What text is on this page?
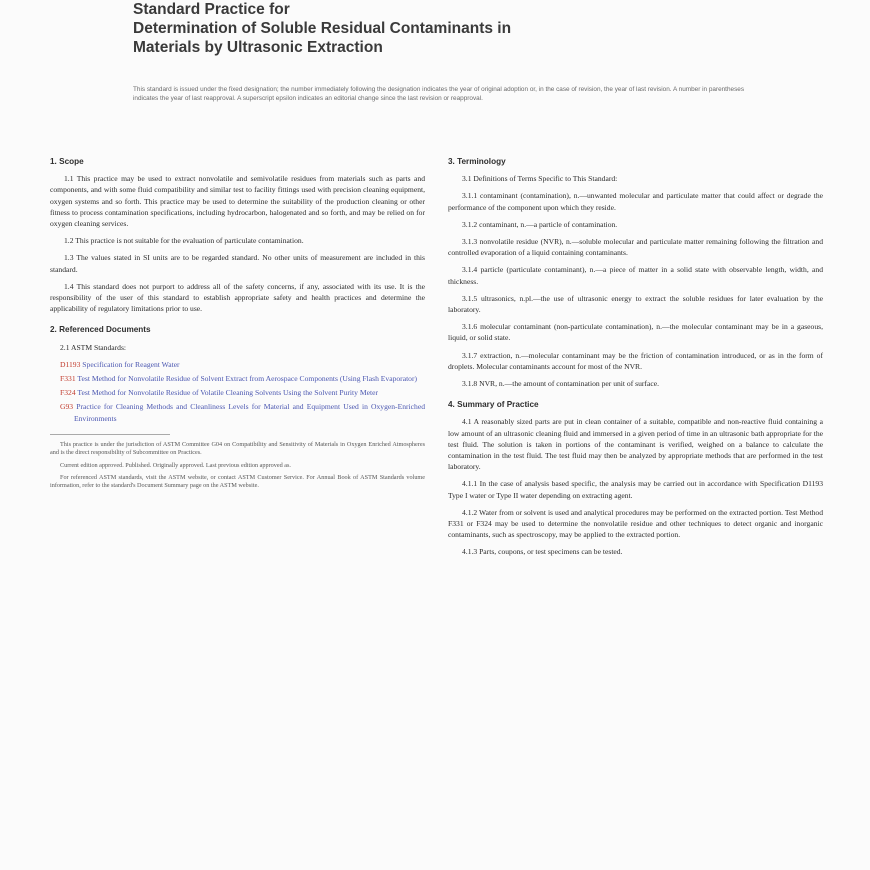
Standard Practice for
Determination of Soluble Residual Contaminants in
Materials by Ultrasonic Extraction
This standard is issued under the fixed designation; the number immediately following the designation indicates the year of original adoption or, in the case of revision, the year of last revision. A number in parentheses indicates the year of last reapproval. A superscript epsilon indicates an editorial change since the last revision or reapproval.
1. Scope
1.1 This practice may be used to extract nonvolatile and semivolatile residues from materials such as parts and components, and with some fluid compatibility and similar test to facility fittings used with precision cleaning equipment, oxygen systems and so forth. This practice may be used to determine the suitability of the production cleaning or other fitness to process contamination specifications, including hydrocarbon, halogenated and so forth, and may be relied on for oxygen cleaning services.
1.2 This practice is not suitable for the evaluation of particulate contamination.
1.3 The values stated in SI units are to be regarded standard. No other units of measurement are included in this standard.
1.4 This standard does not purport to address all of the safety concerns, if any, associated with its use. It is the responsibility of the user of this standard to establish appropriate safety and health practices and determine the applicability of regulatory limitations prior to use.
2. Referenced Documents
2.1 ASTM Standards:
D1193 Specification for Reagent Water
F331 Test Method for Nonvolatile Residue of Solvent Extract from Aerospace Components (Using Flash Evaporator)
F324 Test Method for Nonvolatile Residue of Volatile Cleaning Solvents Using the Solvent Purity Meter
G93 Practice for Cleaning Methods and Cleanliness Levels for Material and Equipment Used in Oxygen-Enriched Environments
This practice is under the jurisdiction of ASTM Committee G04 on Compatibility and Sensitivity of Materials in Oxygen Enriched Atmospheres and is the direct responsibility of Subcommittee on Practices.
Current edition approved. Published. Originally approved. Last previous edition approved as.
For referenced ASTM standards, visit the ASTM website, or contact ASTM Customer Service. For Annual Book of ASTM Standards volume information, refer to the standard's Document Summary page on the ASTM website.
3. Terminology
3.1 Definitions of Terms Specific to This Standard:
3.1.1 contaminant (contamination), n.—unwanted molecular and particulate matter that could affect or degrade the performance of the component upon which they reside.
3.1.2 contaminant, n.—a particle of contamination.
3.1.3 nonvolatile residue (NVR), n.—soluble molecular and particulate matter remaining following the filtration and controlled evaporation of a liquid containing contaminants.
3.1.4 particle (particulate contaminant), n.—a piece of matter in a solid state with observable length, width, and thickness.
3.1.5 ultrasonics, n.pl.—the use of ultrasonic energy to extract the soluble residues for later evaluation by the laboratory.
3.1.6 molecular contaminant (non-particulate contamination), n.—the molecular contaminant may be in a gaseous, liquid, or solid state.
3.1.7 extraction, n.—molecular contaminant may be the friction of contamination introduced, or as in the form of droplets. Molecular contaminants account for most of the NVR.
3.1.8 NVR, n.—the amount of contamination per unit of surface.
4. Summary of Practice
4.1 A reasonably sized parts are put in clean container of a suitable, compatible and non-reactive fluid containing a low amount of an ultrasonic cleaning fluid and immersed in a given period of time in an ultrasonic bath appropriate for the test fluid. The solution is taken in portions of the contaminant is verified, weighed on a balance to calculate the contamination in the test fluid. The test fluid may then be analyzed by appropriate methods that are performed in the test laboratory.
4.1.1 In the case of analysis based specific, the analysis may be carried out in accordance with Specification D1193 Type I water or Type II water depending on extracting agent.
4.1.2 Water from or solvent is used and analytical procedures may be performed on the extracted portion. Test Method F331 or F324 may be used to determine the nonvolatile residue and other techniques to detect organic and inorganic contaminants, such as spectroscopy, may be applied to the extracted portion.
4.1.3 Parts, coupons, or test specimens can be tested.
